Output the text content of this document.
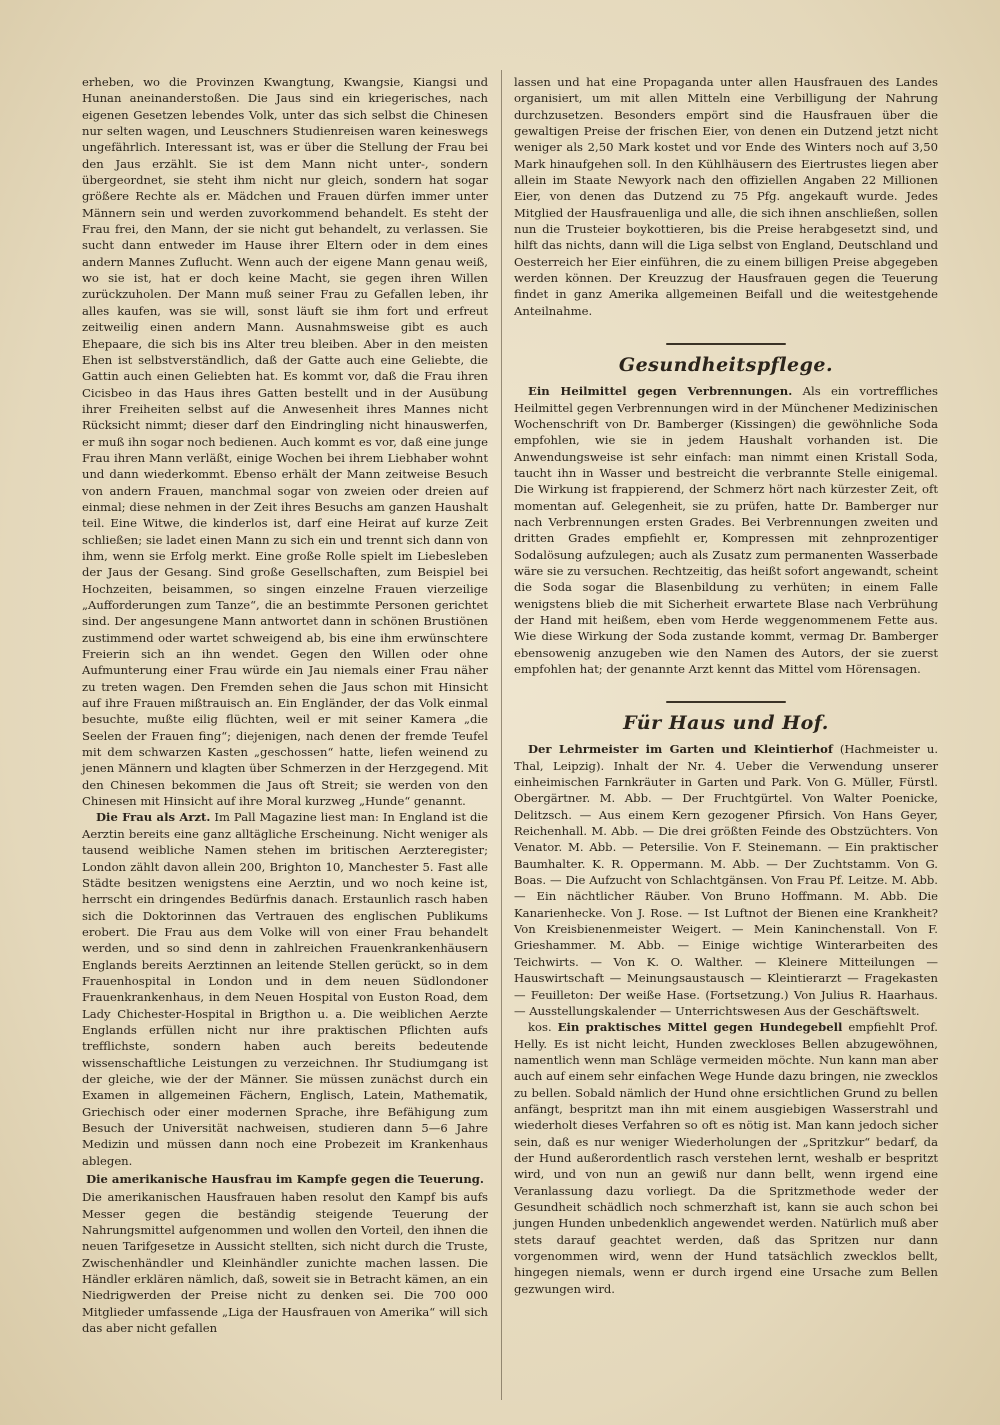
erheben, wo die Provinzen Kwangtung, Kwangsie, Kiangsi und Hunan aneinanderstoßen. Die Jaus sind ein kriegerisches, nach eigenen Gesetzen lebendes Volk, unter das sich selbst die Chinesen nur selten wagen, und Leuschners Studienreisen waren keineswegs ungefährlich. Interessant ist, was er über die Stellung der Frau bei den Jaus erzählt. Sie ist dem Mann nicht unter-, sondern übergeordnet, sie steht ihm nicht nur gleich, sondern hat sogar größere Rechte als er. Mädchen und Frauen dürfen immer unter Männern sein und werden zuvorkommend behandelt. Es steht der Frau frei, den Mann, der sie nicht gut behandelt, zu verlassen. Sie sucht dann entweder im Hause ihrer Eltern oder in dem eines andern Mannes Zuflucht. Wenn auch der eigene Mann genau weiß, wo sie ist, hat er doch keine Macht, sie gegen ihren Willen zurückzuholen. Der Mann muß seiner Frau zu Gefallen leben, ihr alles kaufen, was sie will, sonst läuft sie ihm fort und erfreut zeitweilig einen andern Mann. Ausnahmsweise gibt es auch Ehepaare, die sich bis ins Alter treu bleiben. Aber in den meisten Ehen ist selbstverständlich, daß der Gatte auch eine Geliebte, die Gattin auch einen Geliebten hat. Es kommt vor, daß die Frau ihren Cicisbeo in das Haus ihres Gatten bestellt und in der Ausübung ihrer Freiheiten selbst auf die Anwesenheit ihres Mannes nicht Rücksicht nimmt; dieser darf den Eindringling nicht hinauswerfen, er muß ihn sogar noch bedienen. Auch kommt es vor, daß eine junge Frau ihren Mann verläßt, einige Wochen bei ihrem Liebhaber wohnt und dann wiederkommt. Ebenso erhält der Mann zeitweise Besuch von andern Frauen, manchmal sogar von zweien oder dreien auf einmal; diese nehmen in der Zeit ihres Besuchs am ganzen Haushalt teil. Eine Witwe, die kinderlos ist, darf eine Heirat auf kurze Zeit schließen; sie ladet einen Mann zu sich ein und trennt sich dann von ihm, wenn sie Erfolg merkt. Eine große Rolle spielt im Liebesleben der Jaus der Gesang. Sind große Gesellschaften, zum Beispiel bei Hochzeiten, beisammen, so singen einzelne Frauen vierzeilige „Aufforderungen zum Tanze“, die an bestimmte Personen gerichtet sind. Der angesungene Mann antwortet dann in schönen Brustiönen zustimmend oder wartet schweigend ab, bis eine ihm erwünschtere Freierin sich an ihn wendet. Gegen den Willen oder ohne Aufmunterung einer Frau würde ein Jau niemals einer Frau näher zu treten wagen. Den Fremden sehen die Jaus schon mit Hinsicht auf ihre Frauen mißtrauisch an. Ein Engländer, der das Volk einmal besuchte, mußte eilig flüchten, weil er mit seiner Kamera „die Seelen der Frauen fing“; diejenigen, nach denen der fremde Teufel mit dem schwarzen Kasten „geschossen“ hatte, liefen weinend zu jenen Männern und klagten über Schmerzen in der Herzgegend. Mit den Chinesen bekommen die Jaus oft Streit; sie werden von den Chinesen mit Hinsicht auf ihre Moral kurzweg „Hunde“ genannt.

Die Frau als Arzt. Im Pall Magazine liest man: In England ist die Aerztin bereits eine ganz alltägliche Erscheinung. Nicht weniger als tausend weibliche Namen stehen im britischen Aerzteregister; London zählt davon allein 200, Brighton 10, Manchester 5. Fast alle Städte besitzen wenigstens eine Aerztin, und wo noch keine ist, herrscht ein dringendes Bedürfnis danach. Erstaunlich rasch haben sich die Doktorinnen das Vertrauen des englischen Publikums erobert. Die Frau aus dem Volke will von einer Frau behandelt werden, und so sind denn in zahlreichen Frauenkrankenhäusern Englands bereits Aerztinnen an leitende Stellen gerückt, so in dem Frauenhospital in London und in dem neuen Südlondoner Frauenkrankenhaus, in dem Neuen Hospital von Euston Road, dem Lady Chichester-Hospital in Brigthon u. a. Die weiblichen Aerzte Englands erfüllen nicht nur ihre praktischen Pflichten aufs trefflichste, sondern haben auch bereits bedeutende wissenschaftliche Leistungen zu verzeichnen. Ihr Studiumgang ist der gleiche, wie der der Männer. Sie müssen zunächst durch ein Examen in allgemeinen Fächern, Englisch, Latein, Mathematik, Griechisch oder einer modernen Sprache, ihre Befähigung zum Besuch der Universität nachweisen, studieren dann 5—6 Jahre Medizin und müssen dann noch eine Probezeit im Krankenhaus ablegen.

Die amerikanische Hausfrau im Kampfe gegen die Teuerung.

Die amerikanischen Hausfrauen haben resolut den Kampf bis aufs Messer gegen die beständig steigende Teuerung der Nahrungsmittel aufgenommen und wollen den Vorteil, den ihnen die neuen Tarifgesetze in Aussicht stellten, sich nicht durch die Truste, Zwischenhändler und Kleinhändler zunichte machen lassen. Die Händler erklären nämlich, daß, soweit sie in Betracht kämen, an ein Niedrigwerden der Preise nicht zu denken sei. Die 700 000 Mitglieder umfassende „Liga der Hausfrauen von Amerika“ will sich das aber nicht gefallen

lassen und hat eine Propaganda unter allen Hausfrauen des Landes organisiert, um mit allen Mitteln eine Verbilligung der Nahrung durchzusetzen. Besonders empört sind die Hausfrauen über die gewaltigen Preise der frischen Eier, von denen ein Dutzend jetzt nicht weniger als 2,50 Mark kostet und vor Ende des Winters noch auf 3,50 Mark hinaufgehen soll. In den Kühlhäusern des Eiertrustes liegen aber allein im Staate Newyork nach den offiziellen Angaben 22 Millionen Eier, von denen das Dutzend zu 75 Pfg. angekauft wurde. Jedes Mitglied der Hausfrauenliga und alle, die sich ihnen anschließen, sollen nun die Trusteier boykottieren, bis die Preise herabgesetzt sind, und hilft das nichts, dann will die Liga selbst von England, Deutschland und Oesterreich her Eier einführen, die zu einem billigen Preise abgegeben werden können. Der Kreuzzug der Hausfrauen gegen die Teuerung findet in ganz Amerika allgemeinen Beifall und die weitestgehende Anteilnahme.

Gesundheitspflege.

Ein Heilmittel gegen Verbrennungen. Als ein vortreffliches Heilmittel gegen Verbrennungen wird in der Münchener Medizinischen Wochenschrift von Dr. Bamberger (Kissingen) die gewöhnliche Soda empfohlen, wie sie in jedem Haushalt vorhanden ist. Die Anwendungsweise ist sehr einfach: man nimmt einen Kristall Soda, taucht ihn in Wasser und bestreicht die verbrannte Stelle einigemal. Die Wirkung ist frappierend, der Schmerz hört nach kürzester Zeit, oft momentan auf. Gelegenheit, sie zu prüfen, hatte Dr. Bamberger nur nach Verbrennungen ersten Grades. Bei Verbrennungen zweiten und dritten Grades empfiehlt er, Kompressen mit zehnprozentiger Sodalösung aufzulegen; auch als Zusatz zum permanenten Wasserbade wäre sie zu versuchen. Rechtzeitig, das heißt sofort angewandt, scheint die Soda sogar die Blasenbildung zu verhüten; in einem Falle wenigstens blieb die mit Sicherheit erwartete Blase nach Verbrühung der Hand mit heißem, eben vom Herde weggenommenem Fette aus. Wie diese Wirkung der Soda zustande kommt, vermag Dr. Bamberger ebensowenig anzugeben wie den Namen des Autors, der sie zuerst empfohlen hat; der genannte Arzt kennt das Mittel vom Hörensagen.

Für Haus und Hof.

Der Lehrmeister im Garten und Kleintierhof (Hachmeister u. Thal, Leipzig). Inhalt der Nr. 4. Ueber die Verwendung unserer einheimischen Farnkräuter in Garten und Park. Von G. Müller, Fürstl. Obergärtner. M. Abb. — Der Fruchtgürtel. Von Walter Poenicke, Delitzsch. — Aus einem Kern gezogener Pfirsich. Von Hans Geyer, Reichenhall. M. Abb. — Die drei größten Feinde des Obstzüchters. Von Venator. M. Abb. — Petersilie. Von F. Steinemann. — Ein praktischer Baumhalter. K. R. Oppermann. M. Abb. — Der Zuchtstamm. Von G. Boas. — Die Aufzucht von Schlachtgänsen. Von Frau Pf. Leitze. M. Abb. — Ein nächtlicher Räuber. Von Bruno Hoffmann. M. Abb. Die Kanarienhecke. Von J. Rose. — Ist Luftnot der Bienen eine Krankheit? Von Kreisbienenmeister Weigert. — Mein Kaninchenstall. Von F. Grieshammer. M. Abb. — Einige wichtige Winterarbeiten des Teichwirts. — Von K. O. Walther. — Kleinere Mitteilungen — Hauswirtschaft — Meinungsaustausch — Kleintierarzt — Fragekasten — Feuilleton: Der weiße Hase. (Fortsetzung.) Von Julius R. Haarhaus. — Ausstellungskalender — Unterrichtswesen Aus der Geschäftswelt.

kos. Ein praktisches Mittel gegen Hundegebell empfiehlt Prof. Helly. Es ist nicht leicht, Hunden zweckloses Bellen abzugewöhnen, namentlich wenn man Schläge vermeiden möchte. Nun kann man aber auch auf einem sehr einfachen Wege Hunde dazu bringen, nie zwecklos zu bellen. Sobald nämlich der Hund ohne ersichtlichen Grund zu bellen anfängt, bespritzt man ihn mit einem ausgiebigen Wasserstrahl und wiederholt dieses Verfahren so oft es nötig ist. Man kann jedoch sicher sein, daß es nur weniger Wiederholungen der „Spritzkur“ bedarf, da der Hund außerordentlich rasch verstehen lernt, weshalb er bespritzt wird, und von nun an gewiß nur dann bellt, wenn irgend eine Veranlassung dazu vorliegt. Da die Spritzmethode weder der Gesundheit schädlich noch schmerzhaft ist, kann sie auch schon bei jungen Hunden unbedenklich angewendet werden. Natürlich muß aber stets darauf geachtet werden, daß das Spritzen nur dann vorgenommen wird, wenn der Hund tatsächlich zwecklos bellt, hingegen niemals, wenn er durch irgend eine Ursache zum Bellen gezwungen wird.
